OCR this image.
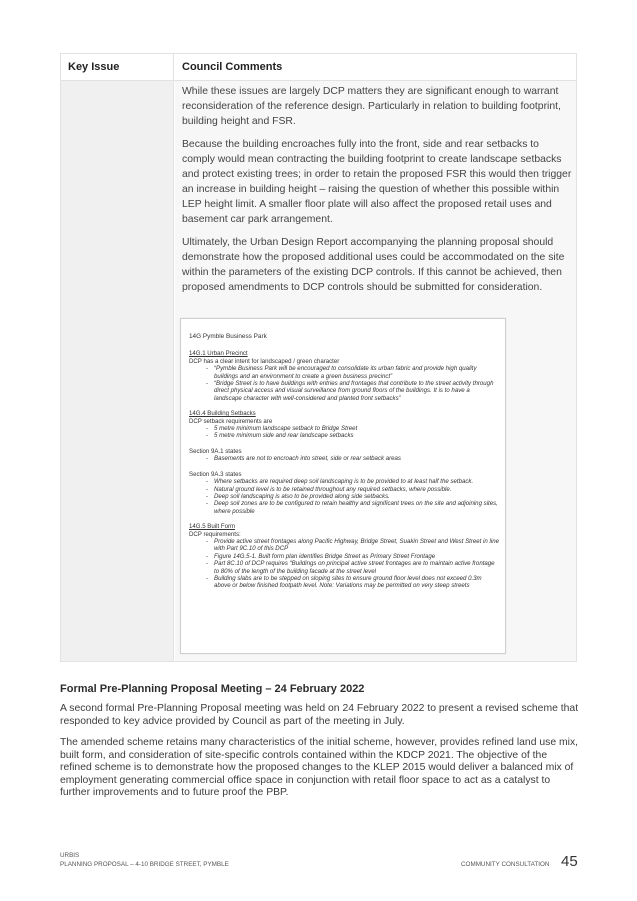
Key Issue	Council Comments

While these issues are largely DCP matters they are significant enough to warrant reconsideration of the reference design. Particularly in relation to building footprint, building height and FSR.

Because the building encroaches fully into the front, side and rear setbacks to comply would mean contracting the building footprint to create landscape setbacks and protect existing trees; in order to retain the proposed FSR this would then trigger an increase in building height – raising the question of whether this possible within LEP height limit. A smaller floor plate will also affect the proposed retail uses and basement car park arrangement.

Ultimately, the Urban Design Report accompanying the planning proposal should demonstrate how the proposed additional uses could be accommodated on the site within the parameters of the existing DCP controls. If this cannot be achieved, then proposed amendments to DCP controls should be submitted for consideration.

14G Pymble Business Park

14G.1 Urban Precinct

DCP has a clear intent for landscaped / green character

- “Pymble Business Park will be encouraged to consolidate its urban fabric and provide high quality buildings and an environment to create a green business precinct”
- “Bridge Street is to have buildings with entries and frontages that contribute to the street activity through direct physical access and visual surveillance from ground floors of the buildings. It is to have a landscape character with well-considered and planted front setbacks”

14G.4 Building Setbacks

DCP setback requirements are

- 5 metre minimum landscape setback to Bridge Street
- 5 metre minimum side and rear landscape setbacks

Section 9A.1 states

- Basements are not to encroach into street, side or rear setback areas

Section 9A.3 states

- Where setbacks are required deep soil landscaping is to be provided to at least half the setback.
- Natural ground level is to be retained throughout any required setbacks, where possible.
- Deep soil landscaping is also to be provided along side setbacks.
- Deep soil zones are to be configured to retain healthy and significant trees on the site and adjoining sites, where possible

14G.5 Built Form

DCP requirements:

- Provide active street frontages along Pacific Highway, Bridge Street, Suakin Street and West Street in line with Part 9C.10 of this DCP
- Figure 14G.5-1. Built form plan identifies Bridge Street as Primary Street Frontage
- Part 8C.10 of DCP requires “Buildings on principal active street frontages are to maintain active frontage to 80% of the length of the building facade at the street level
- Building slabs are to be stepped on sloping sites to ensure ground floor level does not exceed 0.3m above or below finished footpath level. Note: Variations may be permitted on very steep streets

Formal Pre-Planning Proposal Meeting – 24 February 2022

A second formal Pre-Planning Proposal meeting was held on 24 February 2022 to present a revised scheme that responded to key advice provided by Council as part of the meeting in July.

The amended scheme retains many characteristics of the initial scheme, however, provides refined land use mix, built form, and consideration of site-specific controls contained within the KDCP 2021. The objective of the refined scheme is to demonstrate how the proposed changes to the KLEP 2015 would deliver a balanced mix of employment generating commercial office space in conjunction with retail floor space to act as a catalyst to further improvements and to future proof the PBP.

URBIS
PLANNING PROPOSAL – 4-10 BRIDGE STREET, PYMBLE	COMMUNITY CONSULTATION 45
